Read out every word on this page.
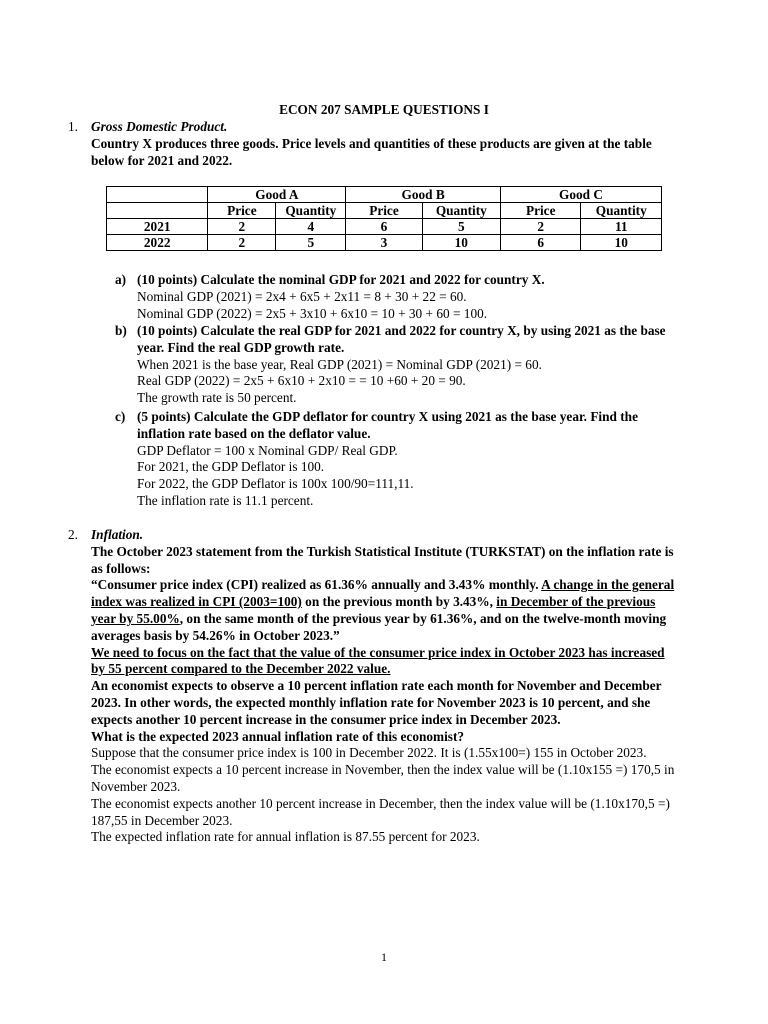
ECON 207 SAMPLE QUESTIONS I
1. Gross Domestic Product.
Country X produces three goods. Price levels and quantities of these products are given at the table below for 2021 and 2022.
	Good A		Good B		Good C	
	Price	Quantity	Price	Quantity	Price	Quantity
2021	2	4	6	5	2	11
2022	2	5	3	10	6	10
a) (10 points) Calculate the nominal GDP for 2021 and 2022 for country X.
Nominal GDP (2021) = 2x4 + 6x5 + 2x11 = 8 + 30 + 22 = 60.
Nominal GDP (2022) = 2x5 + 3x10 + 6x10 = 10 + 30 + 60 = 100.
b) (10 points) Calculate the real GDP for 2021 and 2022 for country X, by using 2021 as the base year. Find the real GDP growth rate.
When 2021 is the base year, Real GDP (2021) = Nominal GDP (2021) = 60.
Real GDP (2022) = 2x5 + 6x10 + 2x10 = = 10 +60 + 20 = 90.
The growth rate is 50 percent.
c) (5 points) Calculate the GDP deflator for country X using 2021 as the base year. Find the inflation rate based on the deflator value.
GDP Deflator = 100 x Nominal GDP/ Real GDP.
For 2021, the GDP Deflator is 100.
For 2022, the GDP Deflator is 100x 100/90=111,11.
The inflation rate is 11.1 percent.
2. Inflation.
The October 2023 statement from the Turkish Statistical Institute (TURKSTAT) on the inflation rate is as follows:
“Consumer price index (CPI) realized as 61.36% annually and 3.43% monthly. A change in the general index was realized in CPI (2003=100) on the previous month by 3.43%, in December of the previous year by 55.00%, on the same month of the previous year by 61.36%, and on the twelve-month moving averages basis by 54.26% in October 2023.”
We need to focus on the fact that the value of the consumer price index in October 2023 has increased by 55 percent compared to the December 2022 value.
An economist expects to observe a 10 percent inflation rate each month for November and December 2023. In other words, the expected monthly inflation rate for November 2023 is 10 percent, and she expects another 10 percent increase in the consumer price index in December 2023.
What is the expected 2023 annual inflation rate of this economist?
Suppose that the consumer price index is 100 in December 2022. It is (1.55x100=) 155 in October 2023.
The economist expects a 10 percent increase in November, then the index value will be (1.10x155 =) 170,5 in November 2023.
The economist expects another 10 percent increase in December, then the index value will be (1.10x170,5 =) 187,55 in December 2023.
The expected inflation rate for annual inflation is 87.55 percent for 2023.
1
